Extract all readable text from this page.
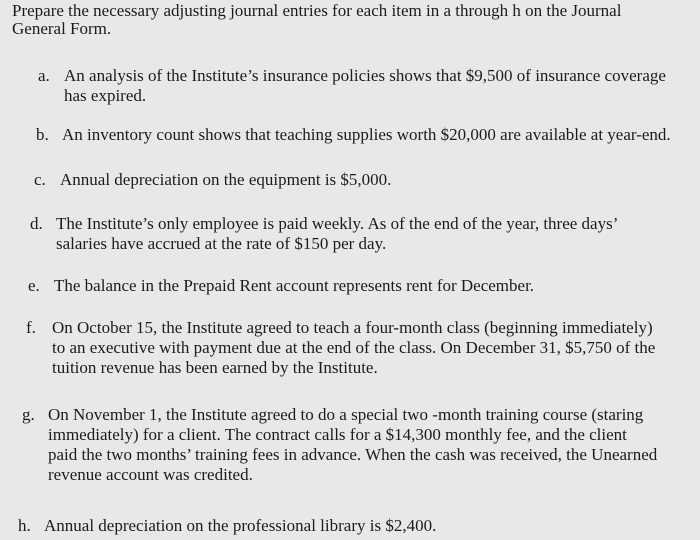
Prepare the necessary adjusting journal entries for each item in a through h on the Journal
General Form.
a. An analysis of the Institute’s insurance policies shows that $9,500 of insurance coverage
has expired.
b. An inventory count shows that teaching supplies worth $20,000 are available at year-end.
c. Annual depreciation on the equipment is $5,000.
d. The Institute’s only employee is paid weekly. As of the end of the year, three days’
salaries have accrued at the rate of $150 per day.
e. The balance in the Prepaid Rent account represents rent for December.
f. On October 15, the Institute agreed to teach a four-month class (beginning immediately)
to an executive with payment due at the end of the class. On December 31, $5,750 of the
tuition revenue has been earned by the Institute.
g. On November 1, the Institute agreed to do a special two -month training course (staring
immediately) for a client. The contract calls for a $14,300 monthly fee, and the client
paid the two months’ training fees in advance. When the cash was received, the Unearned
revenue account was credited.
h. Annual depreciation on the professional library is $2,400.
